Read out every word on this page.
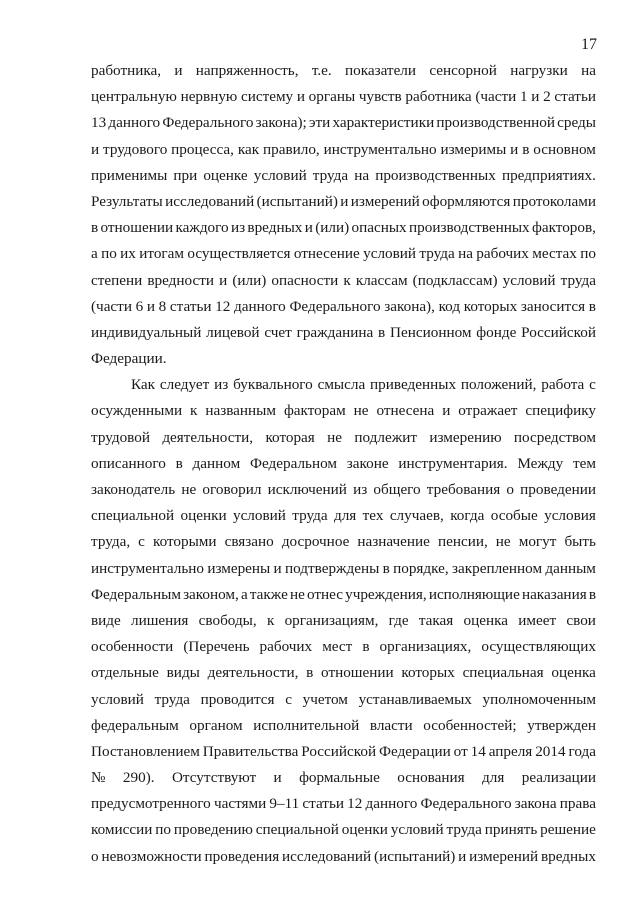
17
работника, и напряженность, т.е. показатели сенсорной нагрузки на
центральную нервную систему и органы чувств работника (части 1 и 2 статьи
13 данного Федерального закона); эти характеристики производственной среды
и трудового процесса, как правило, инструментально измеримы и в основном
применимы при оценке условий труда на производственных предприятиях.
Результаты исследований (испытаний) и измерений оформляются протоколами
в отношении каждого из вредных и (или) опасных производственных факторов,
а по их итогам осуществляется отнесение условий труда на рабочих местах по
степени вредности и (или) опасности к классам (подклассам) условий труда
(части 6 и 8 статьи 12 данного Федерального закона), код которых заносится в
индивидуальный лицевой счет гражданина в Пенсионном фонде Российской
Федерации.
Как следует из буквального смысла приведенных положений, работа с
осужденными к названным факторам не отнесена и отражает специфику
трудовой деятельности, которая не подлежит измерению посредством
описанного в данном Федеральном законе инструментария. Между тем
законодатель не оговорил исключений из общего требования о проведении
специальной оценки условий труда для тех случаев, когда особые условия
труда, с которыми связано досрочное назначение пенсии, не могут быть
инструментально измерены и подтверждены в порядке, закрепленном данным
Федеральным законом, а также не отнес учреждения, исполняющие наказания в
виде лишения свободы, к организациям, где такая оценка имеет свои
особенности (Перечень рабочих мест в организациях, осуществляющих
отдельные виды деятельности, в отношении которых специальная оценка
условий труда проводится с учетом устанавливаемых уполномоченным
федеральным органом исполнительной власти особенностей; утвержден
Постановлением Правительства Российской Федерации от 14 апреля 2014 года
№ 290). Отсутствуют и формальные основания для реализации
предусмотренного частями 9–11 статьи 12 данного Федерального закона права
комиссии по проведению специальной оценки условий труда принять решение
о невозможности проведения исследований (испытаний) и измерений вредных
